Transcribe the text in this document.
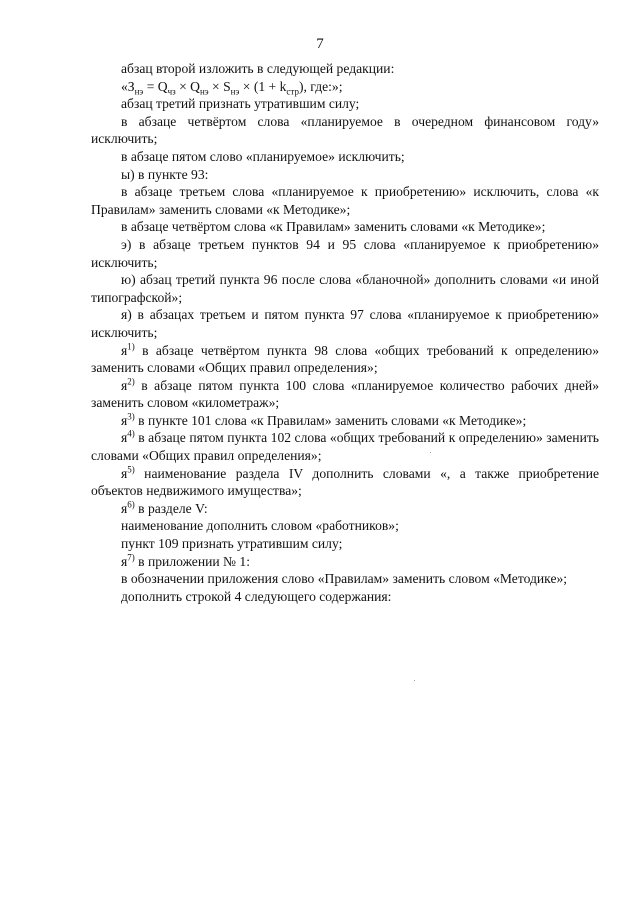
7

абзац второй изложить в следующей редакции:

«$З_{нэ} = Q_{чз} \times Q_{нэ} \times S_{нэ} \times (1 + k_{стр})$, где:»;

абзац третий признать утратившим силу;

в абзаце четвёртом слова «планируемое в очередном финансовом году» исключить;

в абзаце пятом слово «планируемое» исключить;

ы) в пункте 93:

в абзаце третьем слова «планируемое к приобретению» исключить, слова «к Правилам» заменить словами «к Методике»;

в абзаце четвёртом слова «к Правилам» заменить словами «к Методике»;

э) в абзаце третьем пунктов 94 и 95 слова «планируемое к приобретению» исключить;

ю) абзац третий пункта 96 после слова «бланочной» дополнить словами «и иной типографской»;

я) в абзацах третьем и пятом пункта 97 слова «планируемое к приобретению» исключить;

$я^{1)}$ в абзаце четвёртом пункта 98 слова «общих требований к определению» заменить словами «Общих правил определения»;

$я^{2)}$ в абзаце пятом пункта 100 слова «планируемое количество рабочих дней» заменить словом «километраж»;

$я^{3)}$ в пункте 101 слова «к Правилам» заменить словами «к Методике»;

$я^{4)}$ в абзаце пятом пункта 102 слова «общих требований к определению» заменить словами «Общих правил определения»;

$я^{5)}$ наименование раздела IV дополнить словами «, а также приобретение объектов недвижимого имущества»;

$я^{6)}$ в разделе V:

наименование дополнить словом «работников»;

пункт 109 признать утратившим силу;

$я^{7)}$ в приложении № 1:

в обозначении приложения слово «Правилам» заменить словом «Методике»;

дополнить строкой 4 следующего содержания:
